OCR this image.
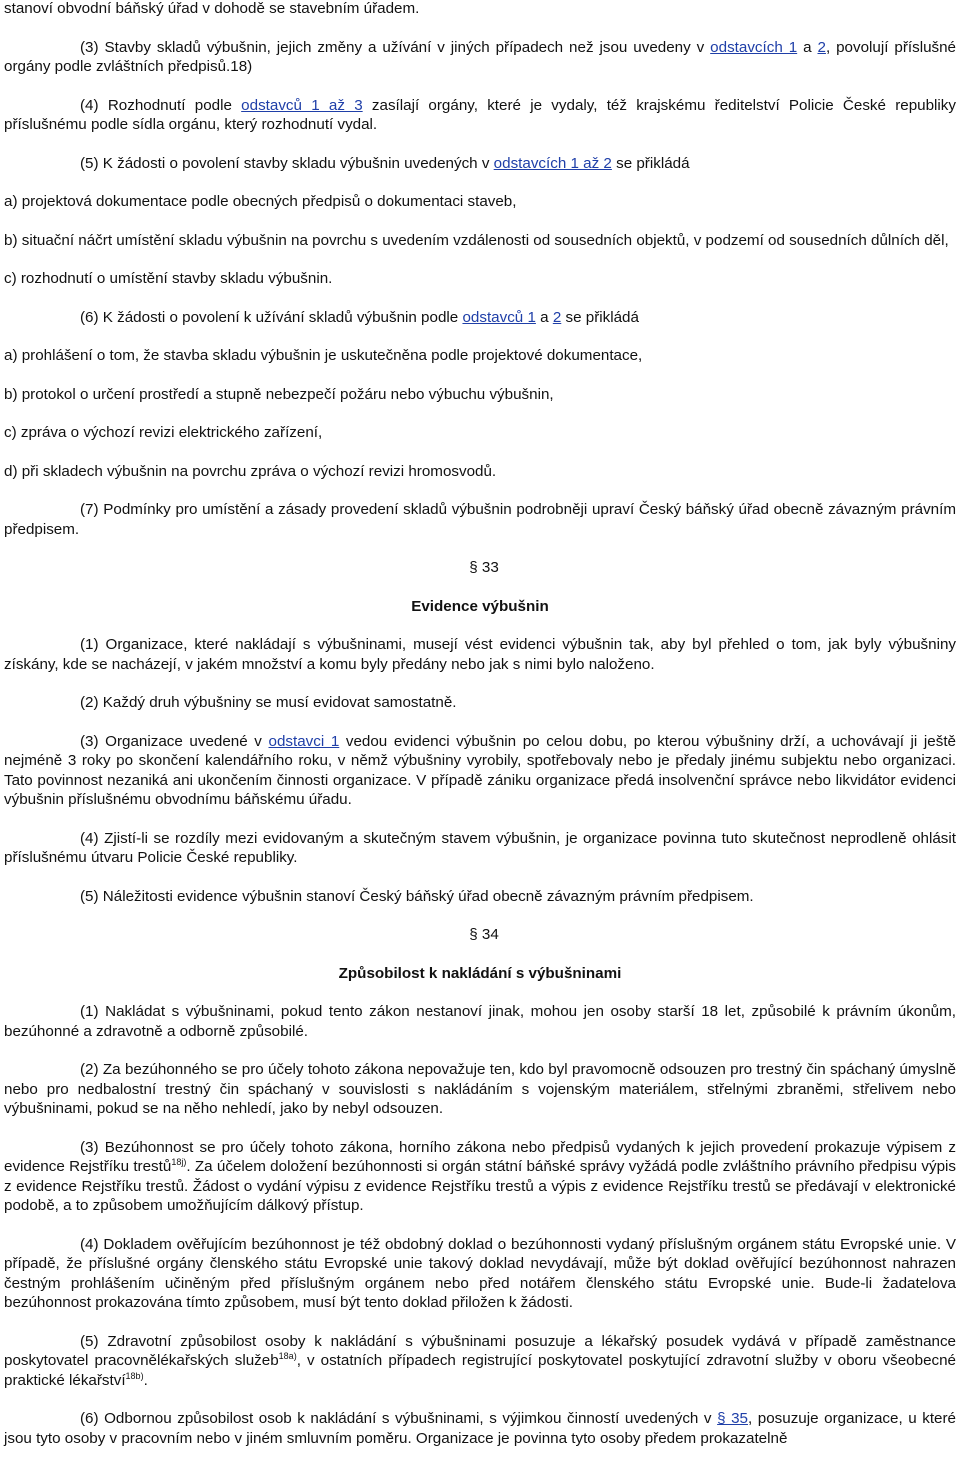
stanoví obvodní báňský úřad v dohodě se stavebním úřadem.

(3) Stavby skladů výbušnin, jejich změny a užívání v jiných případech než jsou uvedeny v odstavcích 1 a 2, povolují příslušné orgány podle zvláštních předpisů.18)

(4) Rozhodnutí podle odstavců 1 až 3 zasílají orgány, které je vydaly, též krajskému ředitelství Policie České republiky příslušnému podle sídla orgánu, který rozhodnutí vydal.

(5) K žádosti o povolení stavby skladu výbušnin uvedených v odstavcích 1 až 2 se přikládá

a) projektová dokumentace podle obecných předpisů o dokumentaci staveb,

b) situační náčrt umístění skladu výbušnin na povrchu s uvedením vzdálenosti od sousedních objektů, v podzemí od sousedních důlních děl,

c) rozhodnutí o umístění stavby skladu výbušnin.

(6) K žádosti o povolení k užívání skladů výbušnin podle odstavců 1 a 2 se přikládá

a) prohlášení o tom, že stavba skladu výbušnin je uskutečněna podle projektové dokumentace,

b) protokol o určení prostředí a stupně nebezpečí požáru nebo výbuchu výbušnin,

c) zpráva o výchozí revizi elektrického zařízení,

d) při skladech výbušnin na povrchu zpráva o výchozí revizi hromosvodů.

(7) Podmínky pro umístění a zásady provedení skladů výbušnin podrobněji upraví Český báňský úřad obecně závazným právním předpisem.

§ 33

Evidence výbušnin

(1) Organizace, které nakládají s výbušninami, musejí vést evidenci výbušnin tak, aby byl přehled o tom, jak byly výbušniny získány, kde se nacházejí, v jakém množství a komu byly předány nebo jak s nimi bylo naloženo.

(2) Každý druh výbušniny se musí evidovat samostatně.

(3) Organizace uvedené v odstavci 1 vedou evidenci výbušnin po celou dobu, po kterou výbušniny drží, a uchovávají ji ještě nejméně 3 roky po skončení kalendářního roku, v němž výbušniny vyrobily, spotřebovaly nebo je předaly jinému subjektu nebo organizaci. Tato povinnost nezaniká ani ukončením činnosti organizace. V případě zániku organizace předá insolvenční správce nebo likvidátor evidenci výbušnin příslušnému obvodnímu báňskému úřadu.

(4) Zjistí-li se rozdíly mezi evidovaným a skutečným stavem výbušnin, je organizace povinna tuto skutečnost neprodleně ohlásit příslušnému útvaru Policie České republiky.

(5) Náležitosti evidence výbušnin stanoví Český báňský úřad obecně závazným právním předpisem.

§ 34

Způsobilost k nakládání s výbušninami

(1) Nakládat s výbušninami, pokud tento zákon nestanoví jinak, mohou jen osoby starší 18 let, způsobilé k právním úkonům, bezúhonné a zdravotně a odborně způsobilé.

(2) Za bezúhonného se pro účely tohoto zákona nepovažuje ten, kdo byl pravomocně odsouzen pro trestný čin spáchaný úmyslně nebo pro nedbalostní trestný čin spáchaný v souvislosti s nakládáním s vojenským materiálem, střelnými zbraněmi, střelivem nebo výbušninami, pokud se na něho nehledí, jako by nebyl odsouzen.

(3) Bezúhonnost se pro účely tohoto zákona, horního zákona nebo předpisů vydaných k jejich provedení prokazuje výpisem z evidence Rejstříku trestů$^{18j)}$. Za účelem doložení bezúhonnosti si orgán státní báňské správy vyžádá podle zvláštního právního předpisu výpis z evidence Rejstříku trestů. Žádost o vydání výpisu z evidence Rejstříku trestů a výpis z evidence Rejstříku trestů se předávají v elektronické podobě, a to způsobem umožňujícím dálkový přístup.

(4) Dokladem ověřujícím bezúhonnost je též obdobný doklad o bezúhonnosti vydaný příslušným orgánem státu Evropské unie. V případě, že příslušné orgány členského státu Evropské unie takový doklad nevydávají, může být doklad ověřující bezúhonnost nahrazen čestným prohlášením učiněným před příslušným orgánem nebo před notářem členského státu Evropské unie. Bude-li žadatelova bezúhonnost prokazována tímto způsobem, musí být tento doklad přiložen k žádosti.

(5) Zdravotní způsobilost osoby k nakládání s výbušninami posuzuje a lékařský posudek vydává v případě zaměstnance poskytovatel pracovnělékařských služeb$^{18a)}$, v ostatních případech registrující poskytovatel poskytující zdravotní služby v oboru všeobecné praktické lékařství$^{18b)}$.

(6) Odbornou způsobilost osob k nakládání s výbušninami, s výjimkou činností uvedených v § 35, posuzuje organizace, u které jsou tyto osoby v pracovním nebo v jiném smluvním poměru. Organizace je povinna tyto osoby předem prokazatelně
